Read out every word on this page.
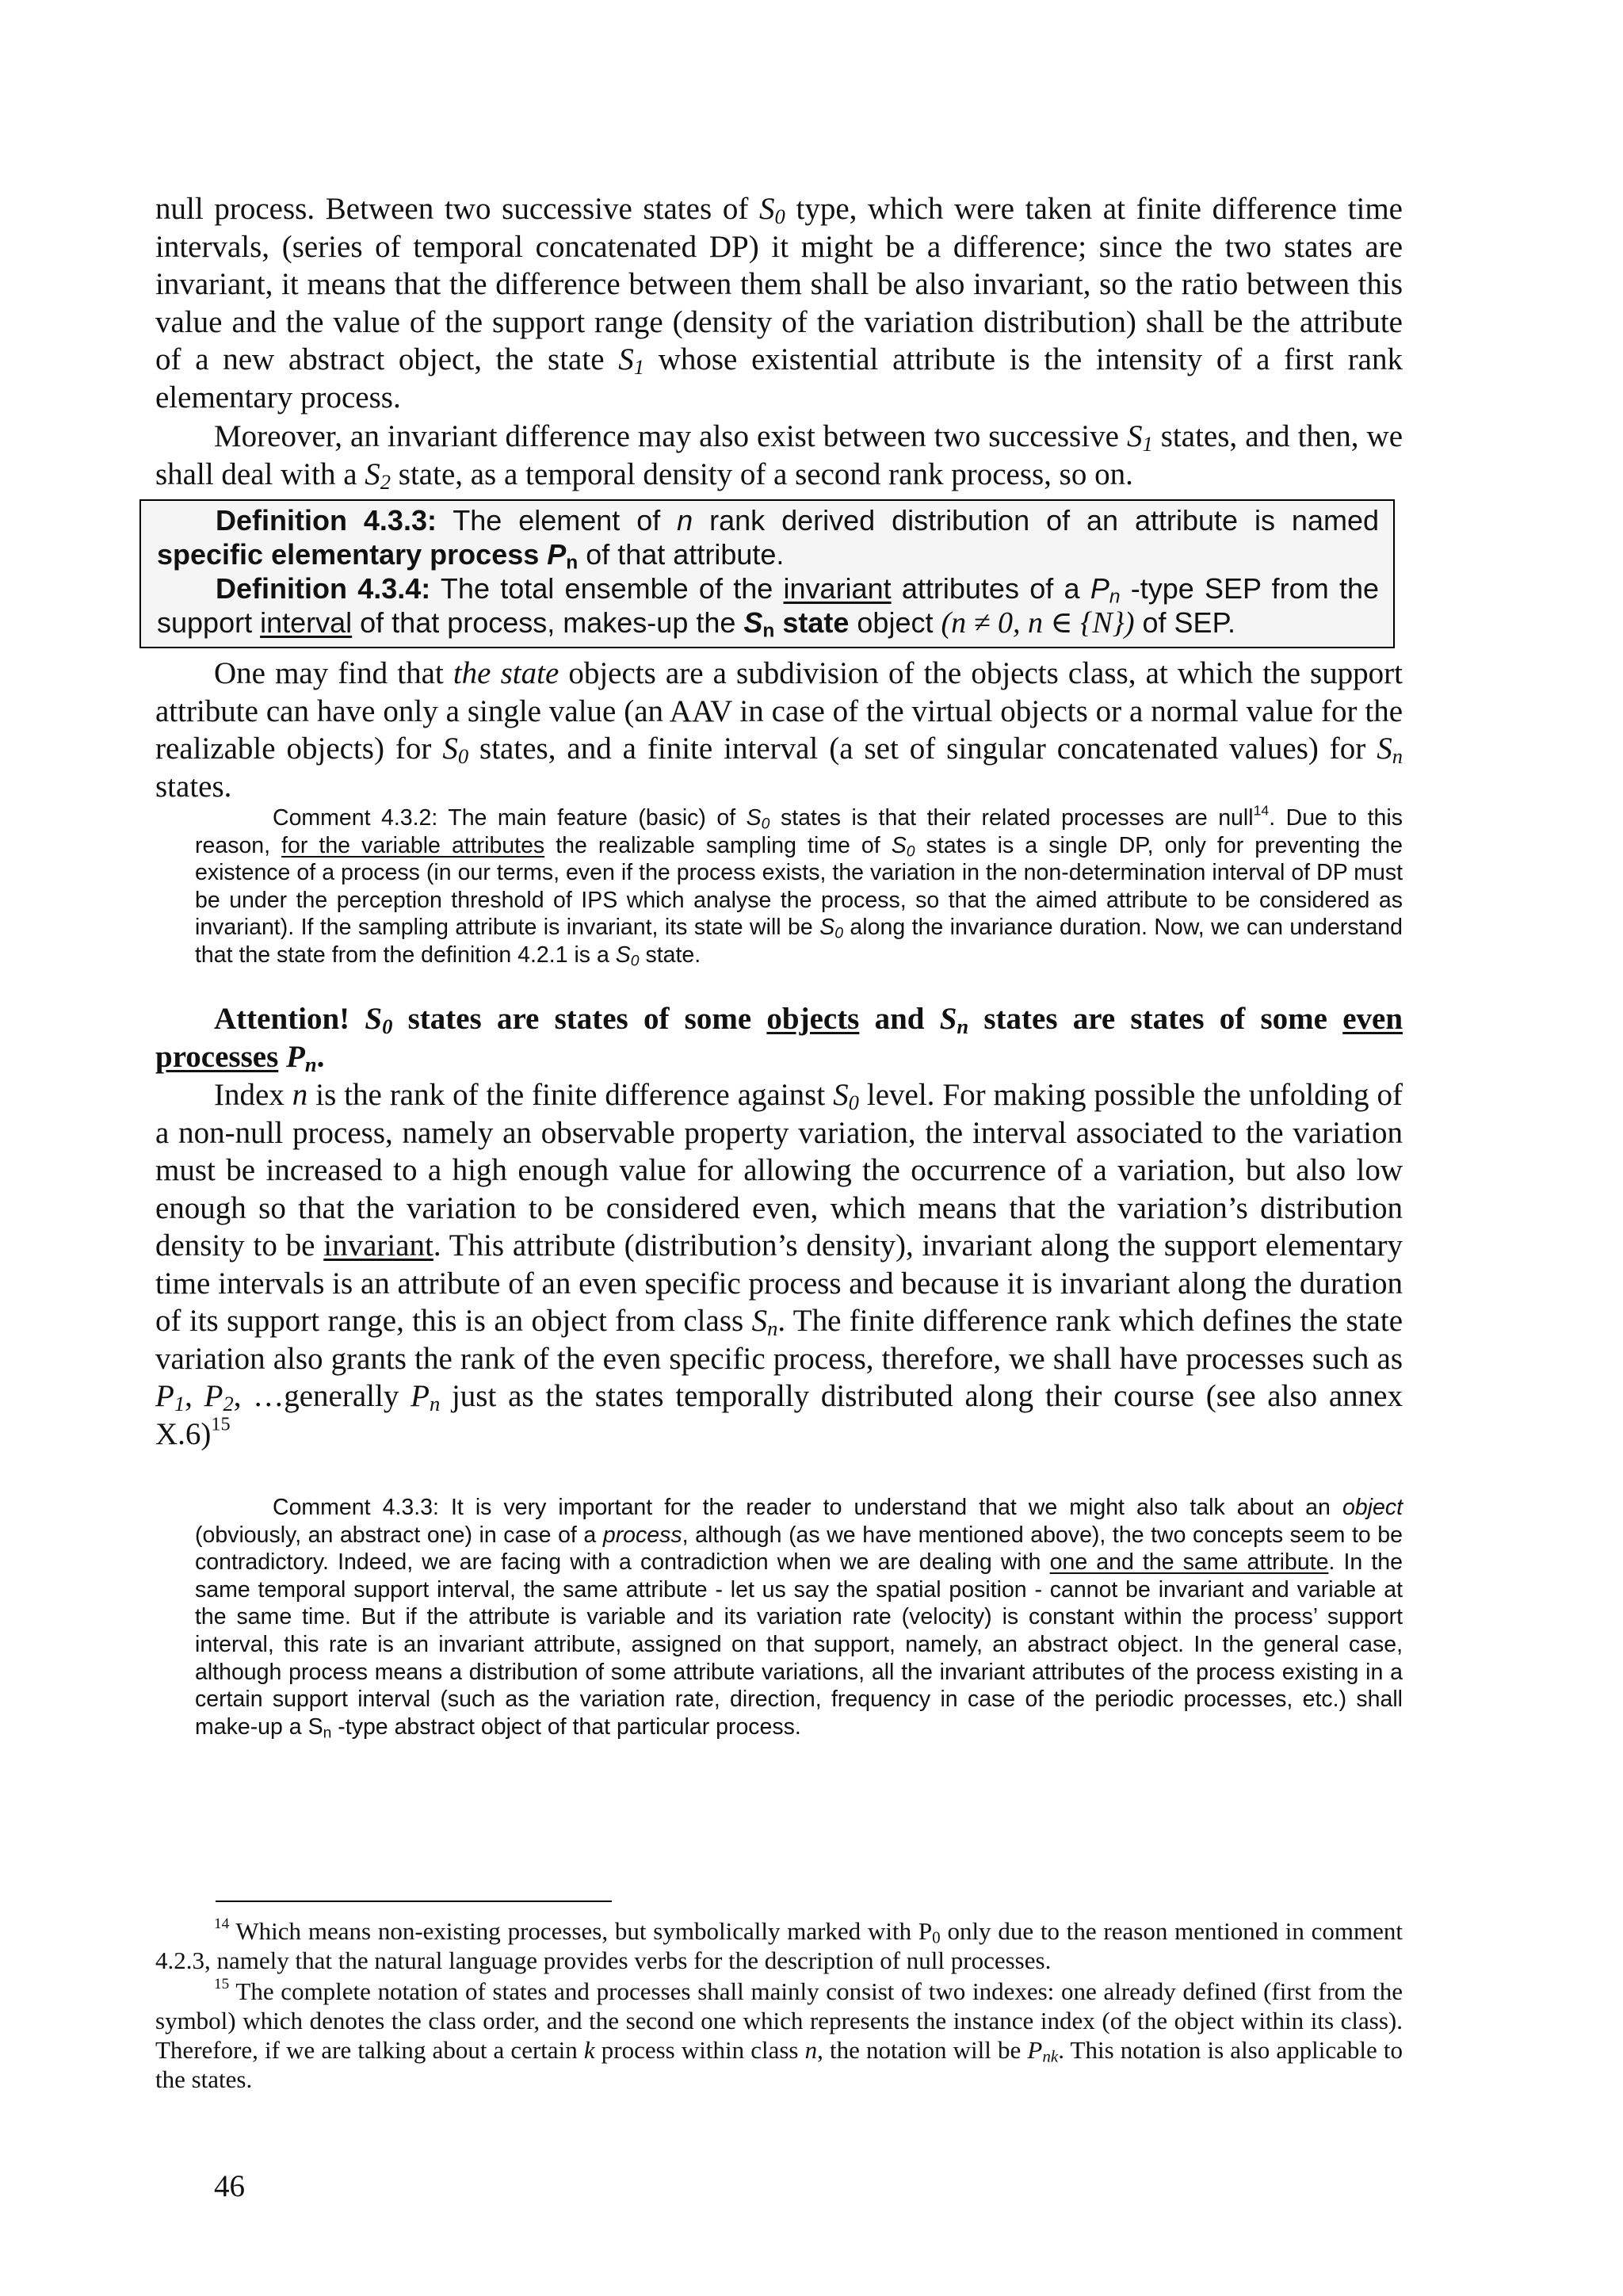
null process. Between two successive states of $S_0$ type, which were taken at finite difference time intervals, (series of temporal concatenated DP) it might be a difference; since the two states are invariant, it means that the difference between them shall be also invariant, so the ratio between this value and the value of the support range (density of the variation distribution) shall be the attribute of a new abstract object, the state $S_1$ whose existential attribute is the intensity of a first rank elementary process.

Moreover, an invariant difference may also exist between two successive $S_1$ states, and then, we shall deal with a $S_2$ state, as a temporal density of a second rank process, so on.

Definition 4.3.3: The element of n rank derived distribution of an attribute is named specific elementary process $P_n$ of that attribute.

Definition 4.3.4: The total ensemble of the invariant attributes of a $P_n$ -type SEP from the support interval of that process, makes-up the $S_n$ state object (n ≠ 0, n ∈ {N}) of SEP.

One may find that the state objects are a subdivision of the objects class, at which the support attribute can have only a single value (an AAV in case of the virtual objects or a normal value for the realizable objects) for $S_0$ states, and a finite interval (a set of singular concatenated values) for $S_n$ states.

Comment 4.3.2: The main feature (basic) of $S_0$ states is that their related processes are null$^{14}$. Due to this reason, for the variable attributes the realizable sampling time of $S_0$ states is a single DP, only for preventing the existence of a process (in our terms, even if the process exists, the variation in the non-determination interval of DP must be under the perception threshold of IPS which analyse the process, so that the aimed attribute to be considered as invariant). If the sampling attribute is invariant, its state will be $S_0$ along the invariance duration. Now, we can understand that the state from the definition 4.2.1 is a $S_0$ state.

Attention! $S_0$ states are states of some objects and $S_n$ states are states of some even processes $P_n$.

Index n is the rank of the finite difference against $S_0$ level. For making possible the unfolding of a non-null process, namely an observable property variation, the interval associated to the variation must be increased to a high enough value for allowing the occurrence of a variation, but also low enough so that the variation to be considered even, which means that the variation’s distribution density to be invariant. This attribute (distribution’s density), invariant along the support elementary time intervals is an attribute of an even specific process and because it is invariant along the duration of its support range, this is an object from class $S_n$. The finite difference rank which defines the state variation also grants the rank of the even specific process, therefore, we shall have processes such as $P_1$, $P_2$, …generally $P_n$ just as the states temporally distributed along their course (see also annex X.6)$^{15}$

Comment 4.3.3: It is very important for the reader to understand that we might also talk about an object (obviously, an abstract one) in case of a process, although (as we have mentioned above), the two concepts seem to be contradictory. Indeed, we are facing with a contradiction when we are dealing with one and the same attribute. In the same temporal support interval, the same attribute - let us say the spatial position - cannot be invariant and variable at the same time. But if the attribute is variable and its variation rate (velocity) is constant within the process’ support interval, this rate is an invariant attribute, assigned on that support, namely, an abstract object. In the general case, although process means a distribution of some attribute variations, all the invariant attributes of the process existing in a certain support interval (such as the variation rate, direction, frequency in case of the periodic processes, etc.) shall make-up a $S_n$ -type abstract object of that particular process.

$^{14}$ Which means non-existing processes, but symbolically marked with $P_0$ only due to the reason mentioned in comment 4.2.3, namely that the natural language provides verbs for the description of null processes.

$^{15}$ The complete notation of states and processes shall mainly consist of two indexes: one already defined (first from the symbol) which denotes the class order, and the second one which represents the instance index (of the object within its class). Therefore, if we are talking about a certain k process within class n, the notation will be $P_{nk}$. This notation is also applicable to the states.

46
